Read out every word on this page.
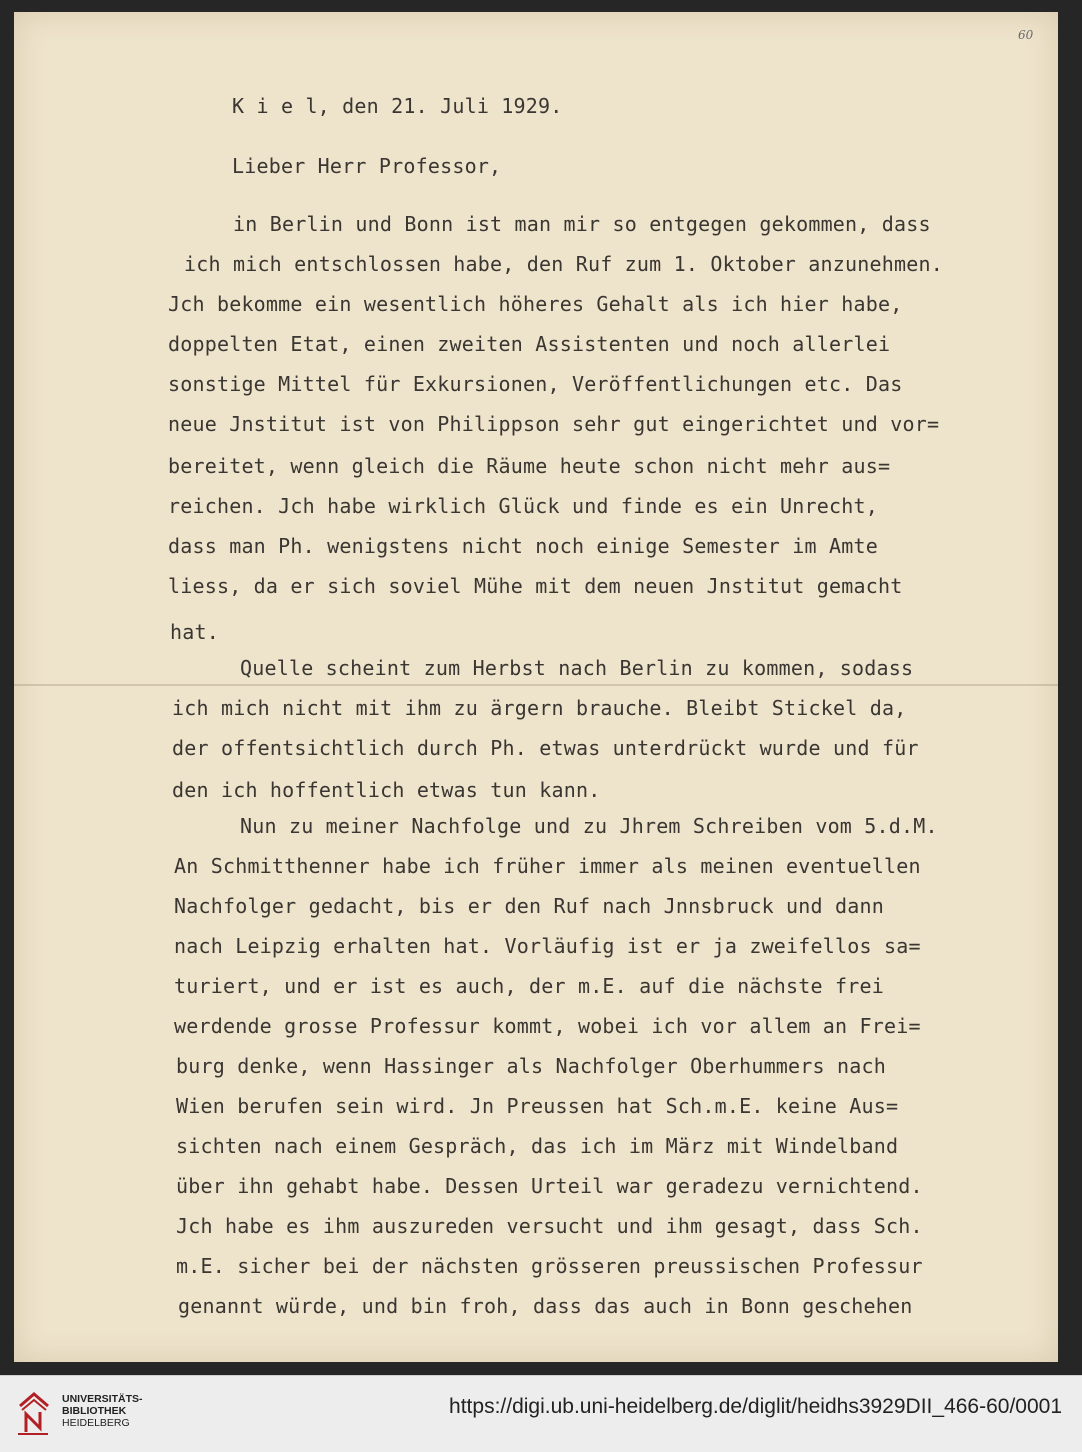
60

K i e l, den 21. Juli 1929.

Lieber Herr Professor,

in Berlin und Bonn ist man mir so entgegen gekommen, dass

ich mich entschlossen habe, den Ruf zum 1. Oktober anzunehmen.

Jch bekomme ein wesentlich höheres Gehalt als ich hier habe,

doppelten Etat, einen zweiten Assistenten und noch allerlei

sonstige Mittel für Exkursionen, Veröffentlichungen etc. Das

neue Jnstitut ist von Philippson sehr gut eingerichtet und vor=

bereitet, wenn gleich die Räume heute schon nicht mehr aus=

reichen. Jch habe wirklich Glück und finde es ein Unrecht,

dass man Ph. wenigstens nicht noch einige Semester im Amte

liess, da er sich soviel Mühe mit dem neuen Jnstitut gemacht

hat.

Quelle scheint zum Herbst nach Berlin zu kommen, sodass

ich mich nicht mit ihm zu ärgern brauche. Bleibt Stickel da,

der offentsichtlich durch Ph. etwas unterdrückt wurde und für

den ich hoffentlich etwas tun kann.

Nun zu meiner Nachfolge und zu Jhrem Schreiben vom 5.d.M.

An Schmitthenner habe ich früher immer als meinen eventuellen

Nachfolger gedacht, bis er den Ruf nach Jnnsbruck und dann

nach Leipzig erhalten hat. Vorläufig ist er ja zweifellos sa=

turiert, und er ist es auch, der m.E. auf die nächste frei

werdende grosse Professur kommt, wobei ich vor allem an Frei=

burg denke, wenn Hassinger als Nachfolger Oberhummers nach

Wien berufen sein wird. Jn Preussen hat Sch.m.E. keine Aus=

sichten nach einem Gespräch, das ich im März mit Windelband

über ihn gehabt habe. Dessen Urteil war geradezu vernichtend.

Jch habe es ihm auszureden versucht und ihm gesagt, dass Sch.

m.E. sicher bei der nächsten grösseren preussischen Professur

genannt würde, und bin froh, dass das auch in Bonn geschehen

UNIVERSITÄTS-
BIBLIOTHEK
HEIDELBERG
https://digi.ub.uni-heidelberg.de/diglit/heidhs3929DII_466-60/0001
